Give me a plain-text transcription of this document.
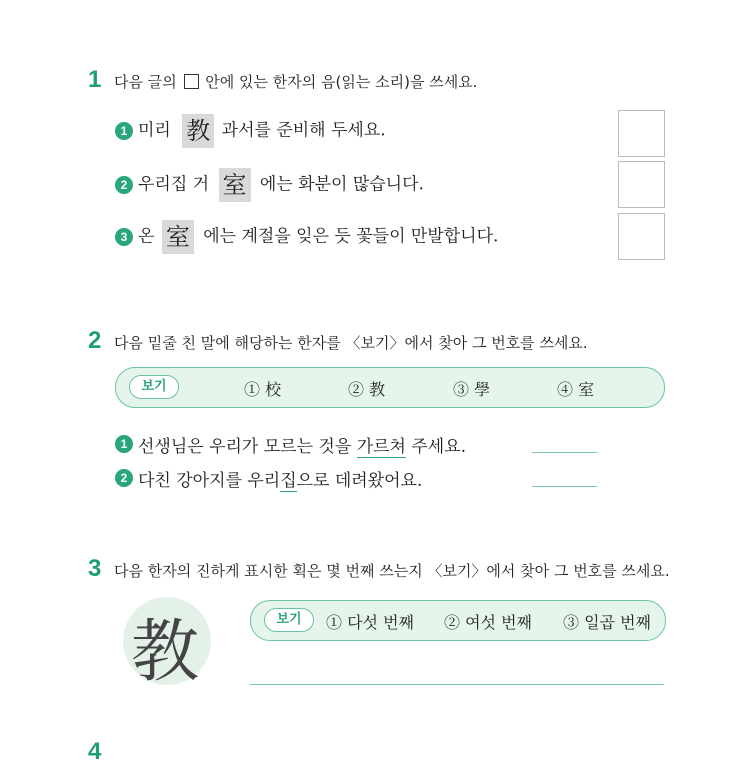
1 다음 글의 안에 있는 한자의 음(읽는 소리)을 쓰세요.
1 미리 教 과서를 준비해 두세요.
2 우리집 거 室 에는 화분이 많습니다.
3 온 室 에는 계절을 잊은 듯 꽃들이 만발합니다.
2 다음 밑줄 친 말에 해당하는 한자를 〈보기〉에서 찾아 그 번호를 쓰세요.
보기	① 校	② 教	③ 學	④ 室
1 선생님은 우리가 모르는 것을 가르쳐 주세요.
2 다친 강아지를 우리집으로 데려왔어요.
3 다음 한자의 진하게 표시한 획은 몇 번째 쓰는지 〈보기〉에서 찾아 그 번호를 쓰세요.
教	보기	① 다섯 번째 ② 여섯 번째 ③ 일곱 번째
4
